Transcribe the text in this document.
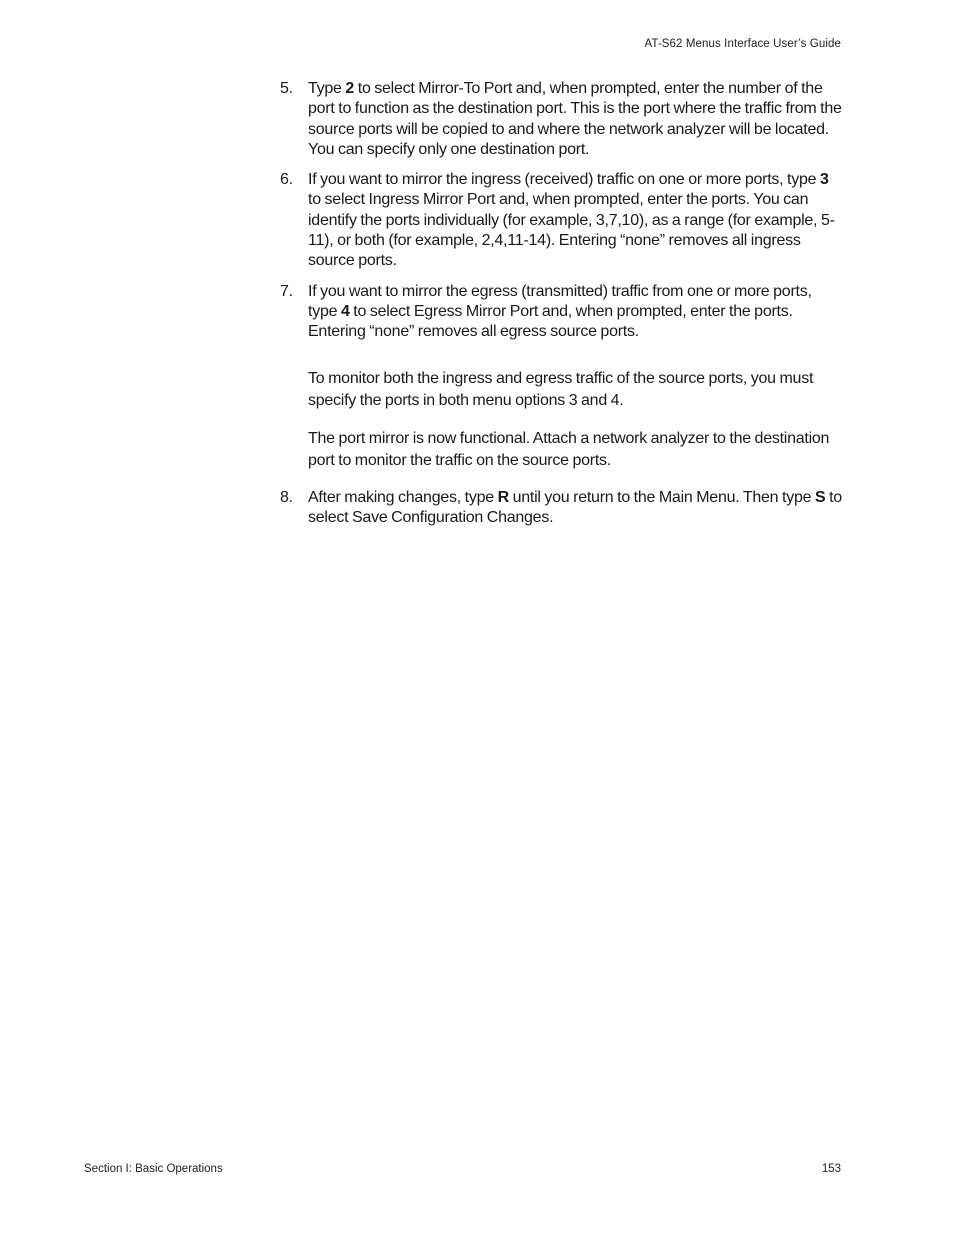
AT-S62 Menus Interface User’s Guide
5. Type 2 to select Mirror-To Port and, when prompted, enter the number of the port to function as the destination port. This is the port where the traffic from the source ports will be copied to and where the network analyzer will be located. You can specify only one destination port.
6. If you want to mirror the ingress (received) traffic on one or more ports, type 3 to select Ingress Mirror Port and, when prompted, enter the ports. You can identify the ports individually (for example, 3,7,10), as a range (for example, 5-11), or both (for example, 2,4,11-14). Entering “none” removes all ingress source ports.
7. If you want to mirror the egress (transmitted) traffic from one or more ports, type 4 to select Egress Mirror Port and, when prompted, enter the ports. Entering “none” removes all egress source ports.

To monitor both the ingress and egress traffic of the source ports, you must specify the ports in both menu options 3 and 4.

The port mirror is now functional. Attach a network analyzer to the destination port to monitor the traffic on the source ports.

8. After making changes, type R until you return to the Main Menu. Then type S to select Save Configuration Changes.
Section I: Basic Operations	153
